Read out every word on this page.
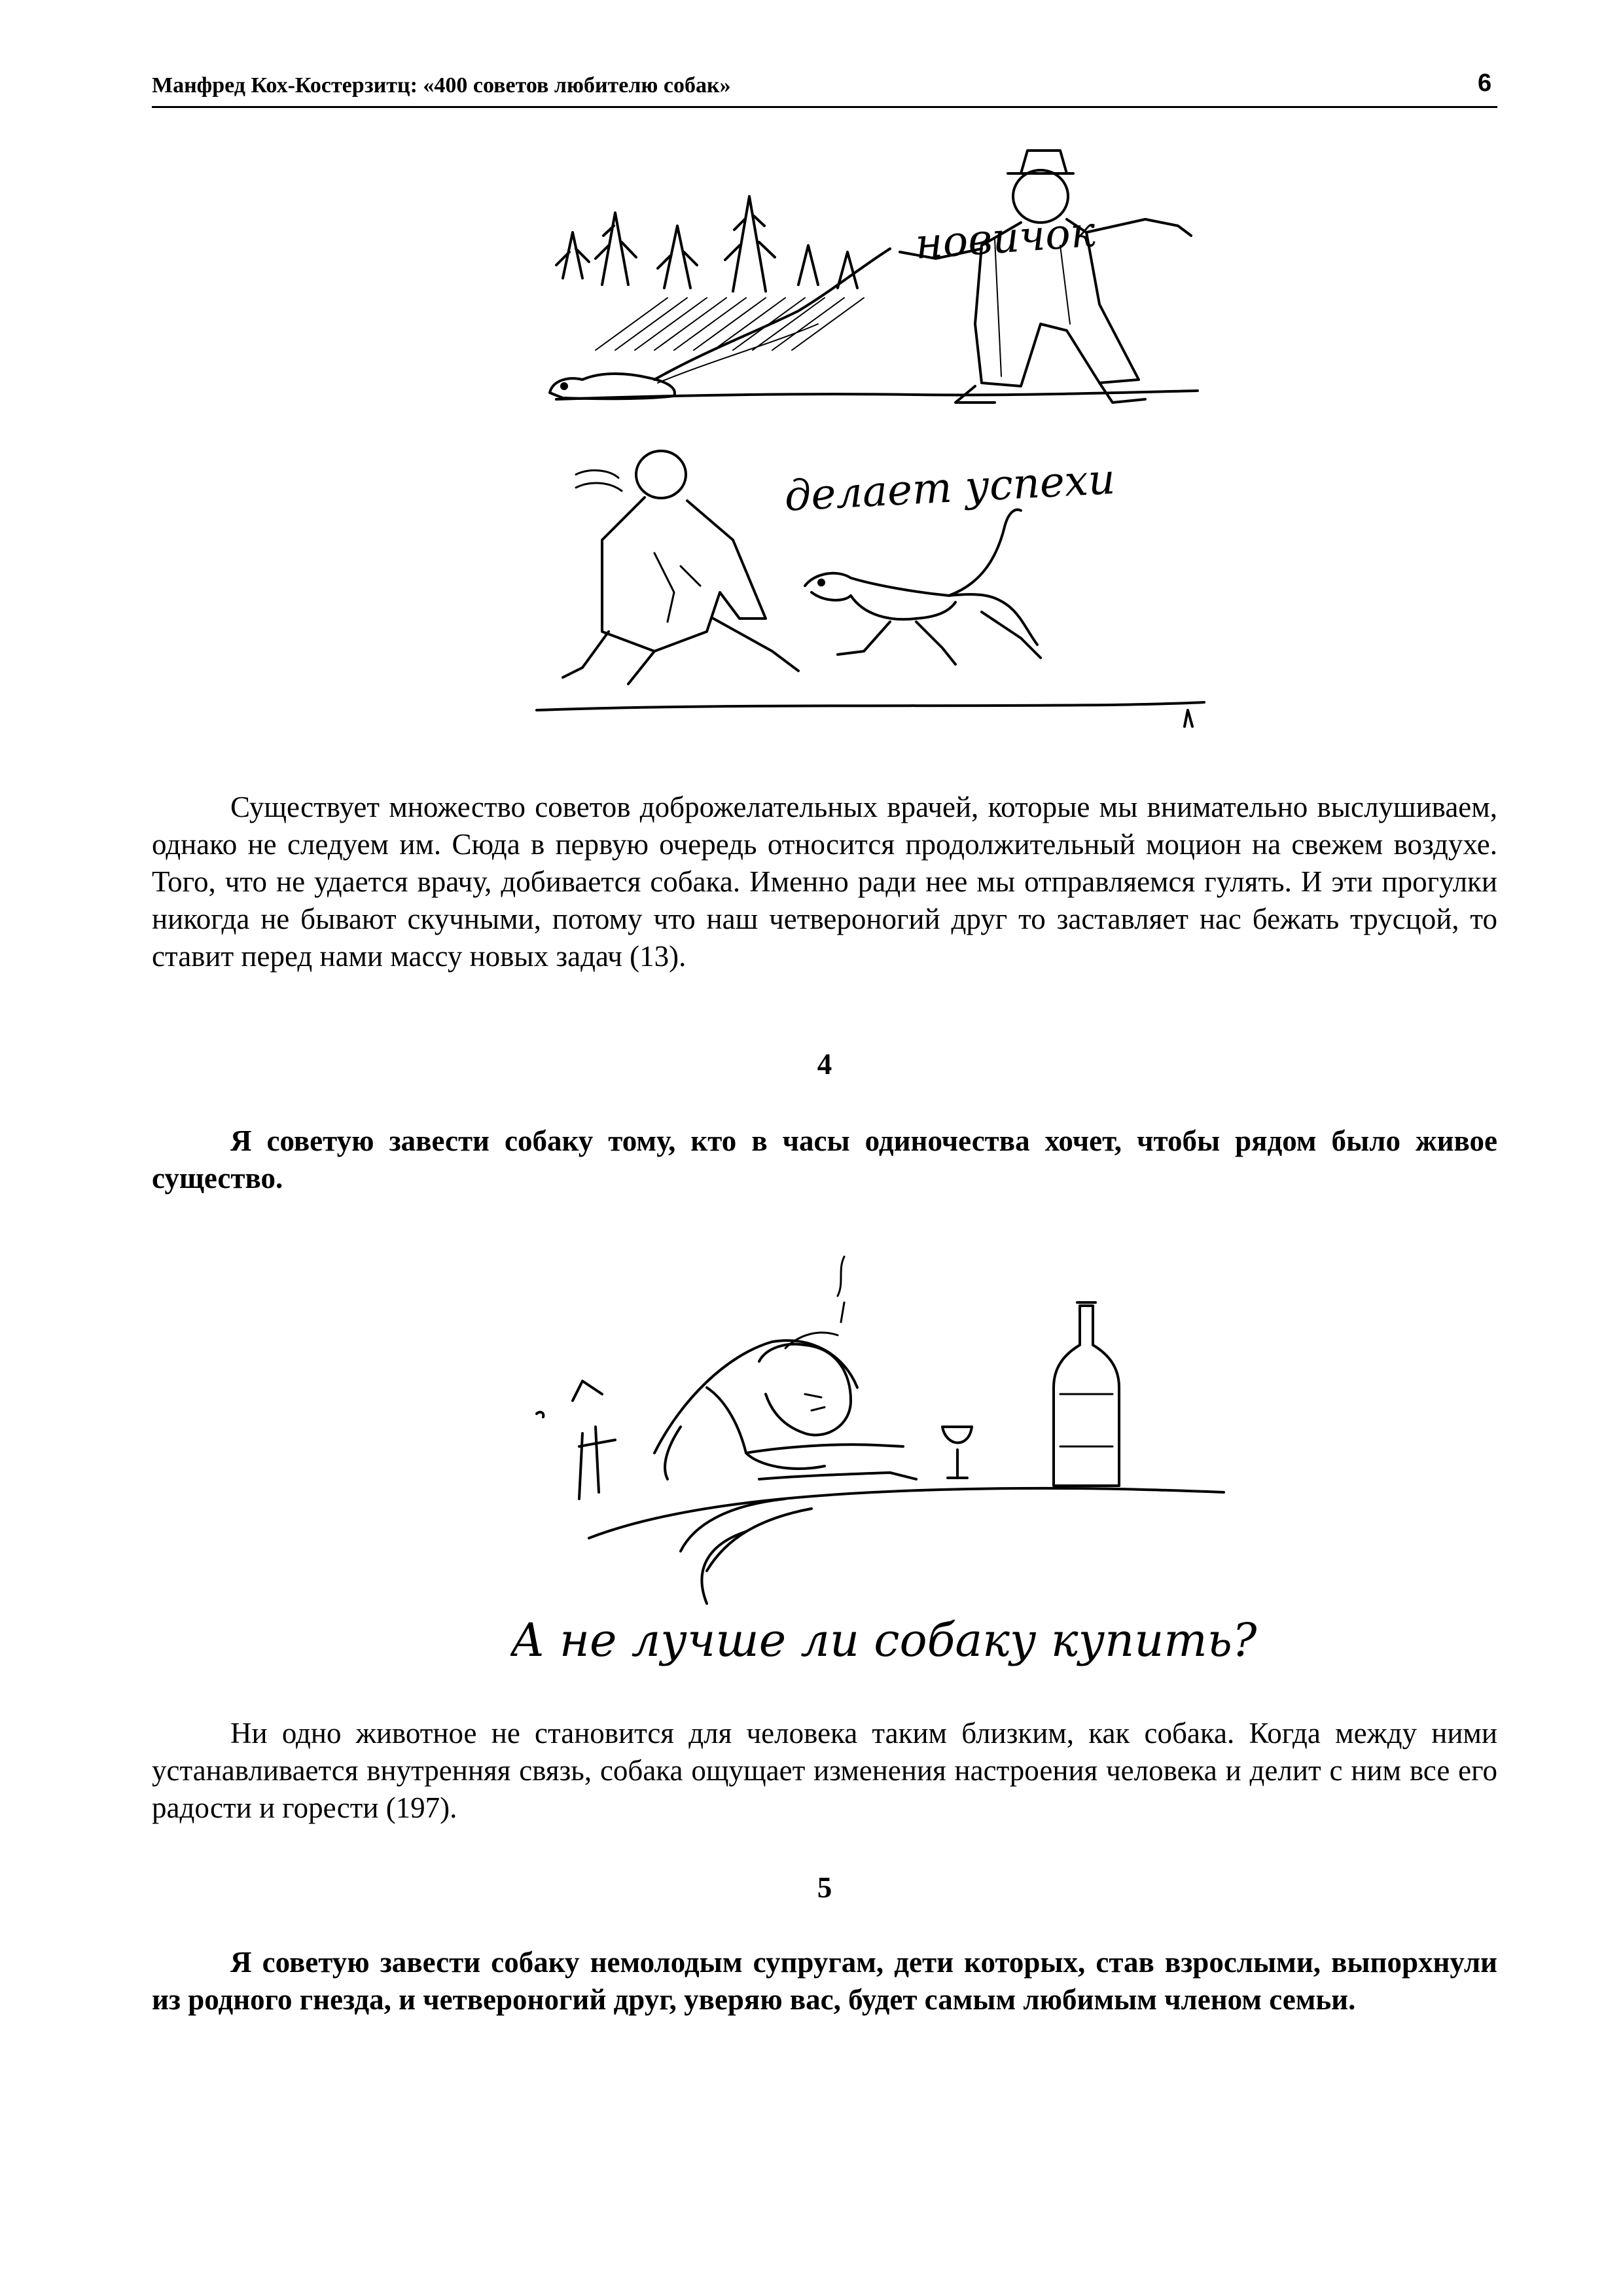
Манфред Кох-Костерзитц: «400 советов любителю собак»	6
новичок
делает успехи
Существует множество советов доброжелательных врачей, которые мы внимательно выслушиваем, однако не следуем им. Сюда в первую очередь относится продолжительный моцион на свежем воздухе. Того, что не удается врачу, добивается собака. Именно ради нее мы отправляемся гулять. И эти прогулки никогда не бывают скучными, потому что наш четвероногий друг то заставляет нас бежать трусцой, то ставит перед нами массу новых задач (13).
4
Я советую завести собаку тому, кто в часы одиночества хочет, чтобы рядом было живое существо.
А не лучше ли собаку купить?
Ни одно животное не становится для человека таким близким, как собака. Когда между ними устанавливается внутренняя связь, собака ощущает изменения настроения человека и делит с ним все его радости и горести (197).
5
Я советую завести собаку немолодым супругам, дети которых, став взрослыми, выпорхнули из родного гнезда, и четвероногий друг, уверяю вас, будет самым любимым членом семьи.
